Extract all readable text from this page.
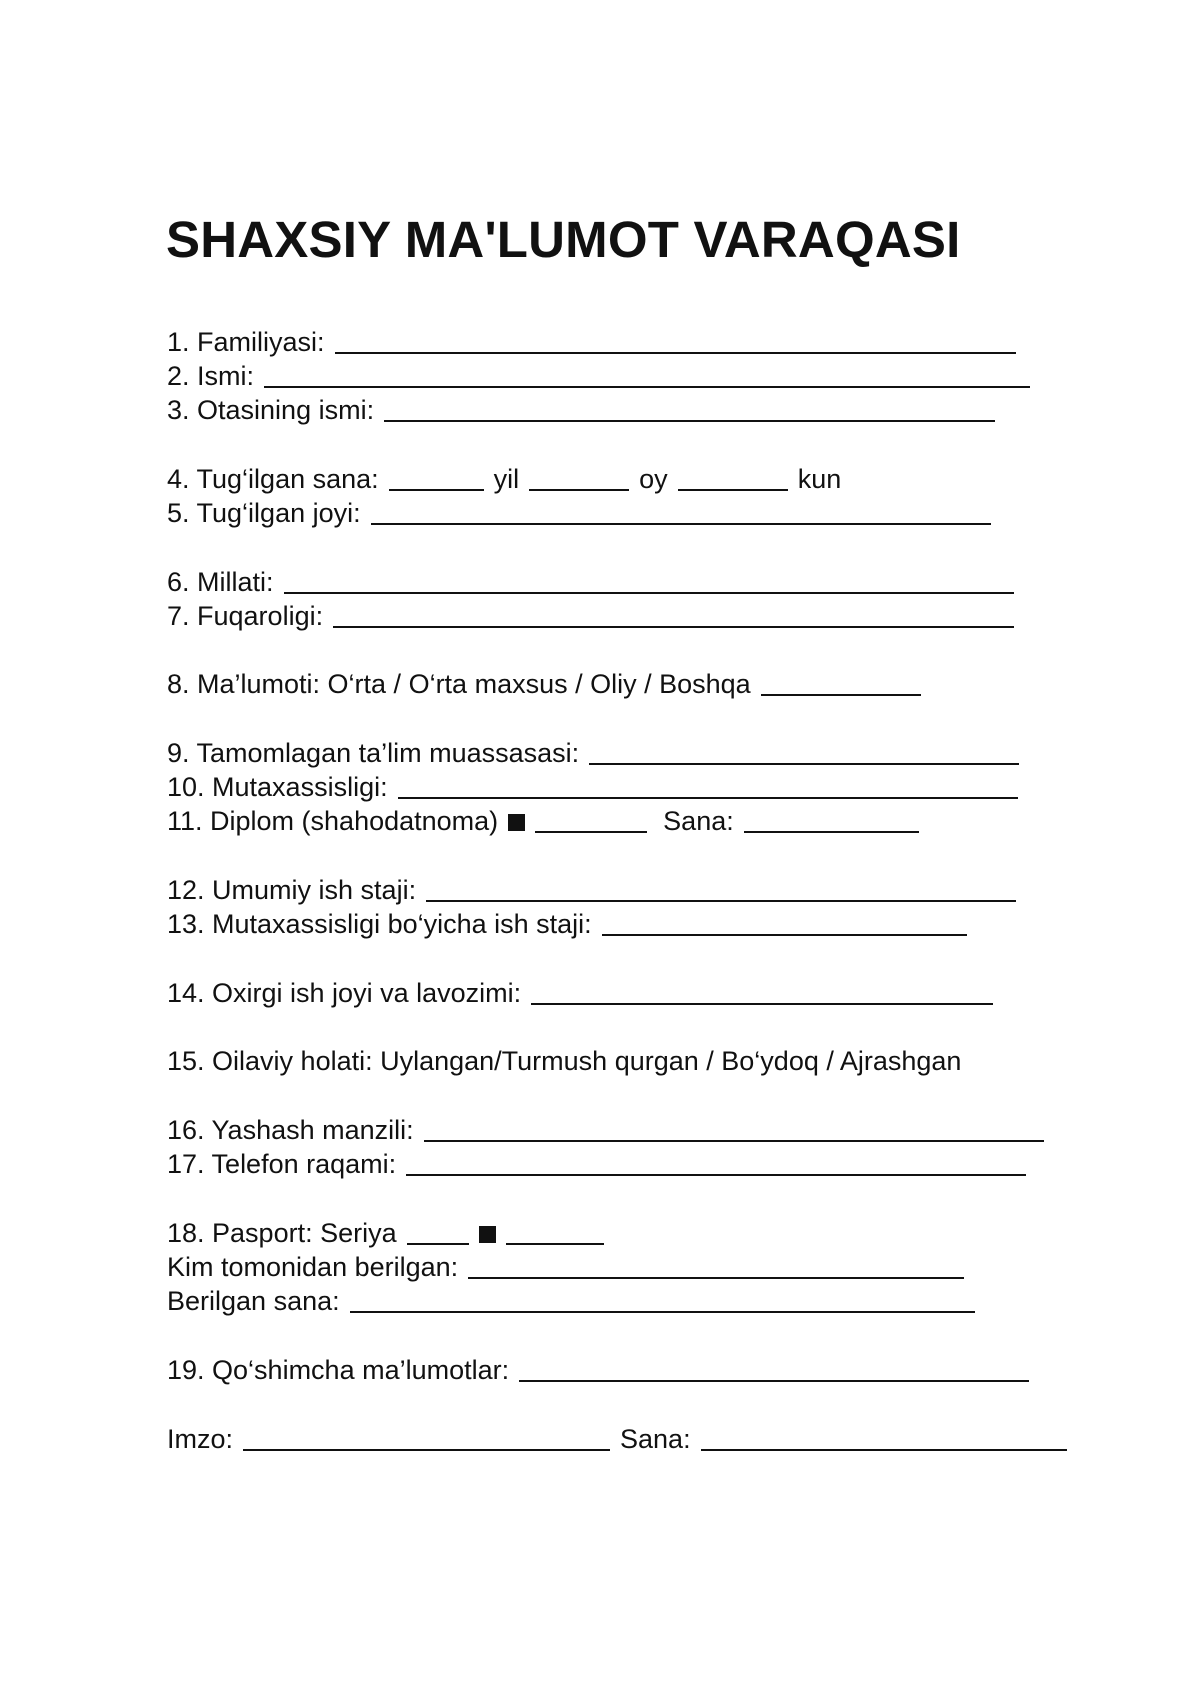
SHAXSIY MA'LUMOT VARAQASI
1. Familiyasi:
2. Ismi:
3. Otasining ismi:
4. Tug‘ilgan sana:	yil	oy	kun
5. Tug‘ilgan joyi:
6. Millati:
7. Fuqaroligi:
8. Ma’lumoti: O‘rta / O‘rta maxsus / Oliy / Boshqa
9. Tamomlagan ta’lim muassasasi:
10. Mutaxassisligi:
11. Diplom (shahodatnoma)	Sana:
12. Umumiy ish staji:
13. Mutaxassisligi bo‘yicha ish staji:
14. Oxirgi ish joyi va lavozimi:
15. Oilaviy holati: Uylangan/Turmush qurgan / Bo‘ydoq / Ajrashgan
16. Yashash manzili:
17. Telefon raqami:
18. Pasport: Seriya
Kim tomonidan berilgan:
Berilgan sana:
19. Qo‘shimcha ma’lumotlar:
Imzo:	Sana:
